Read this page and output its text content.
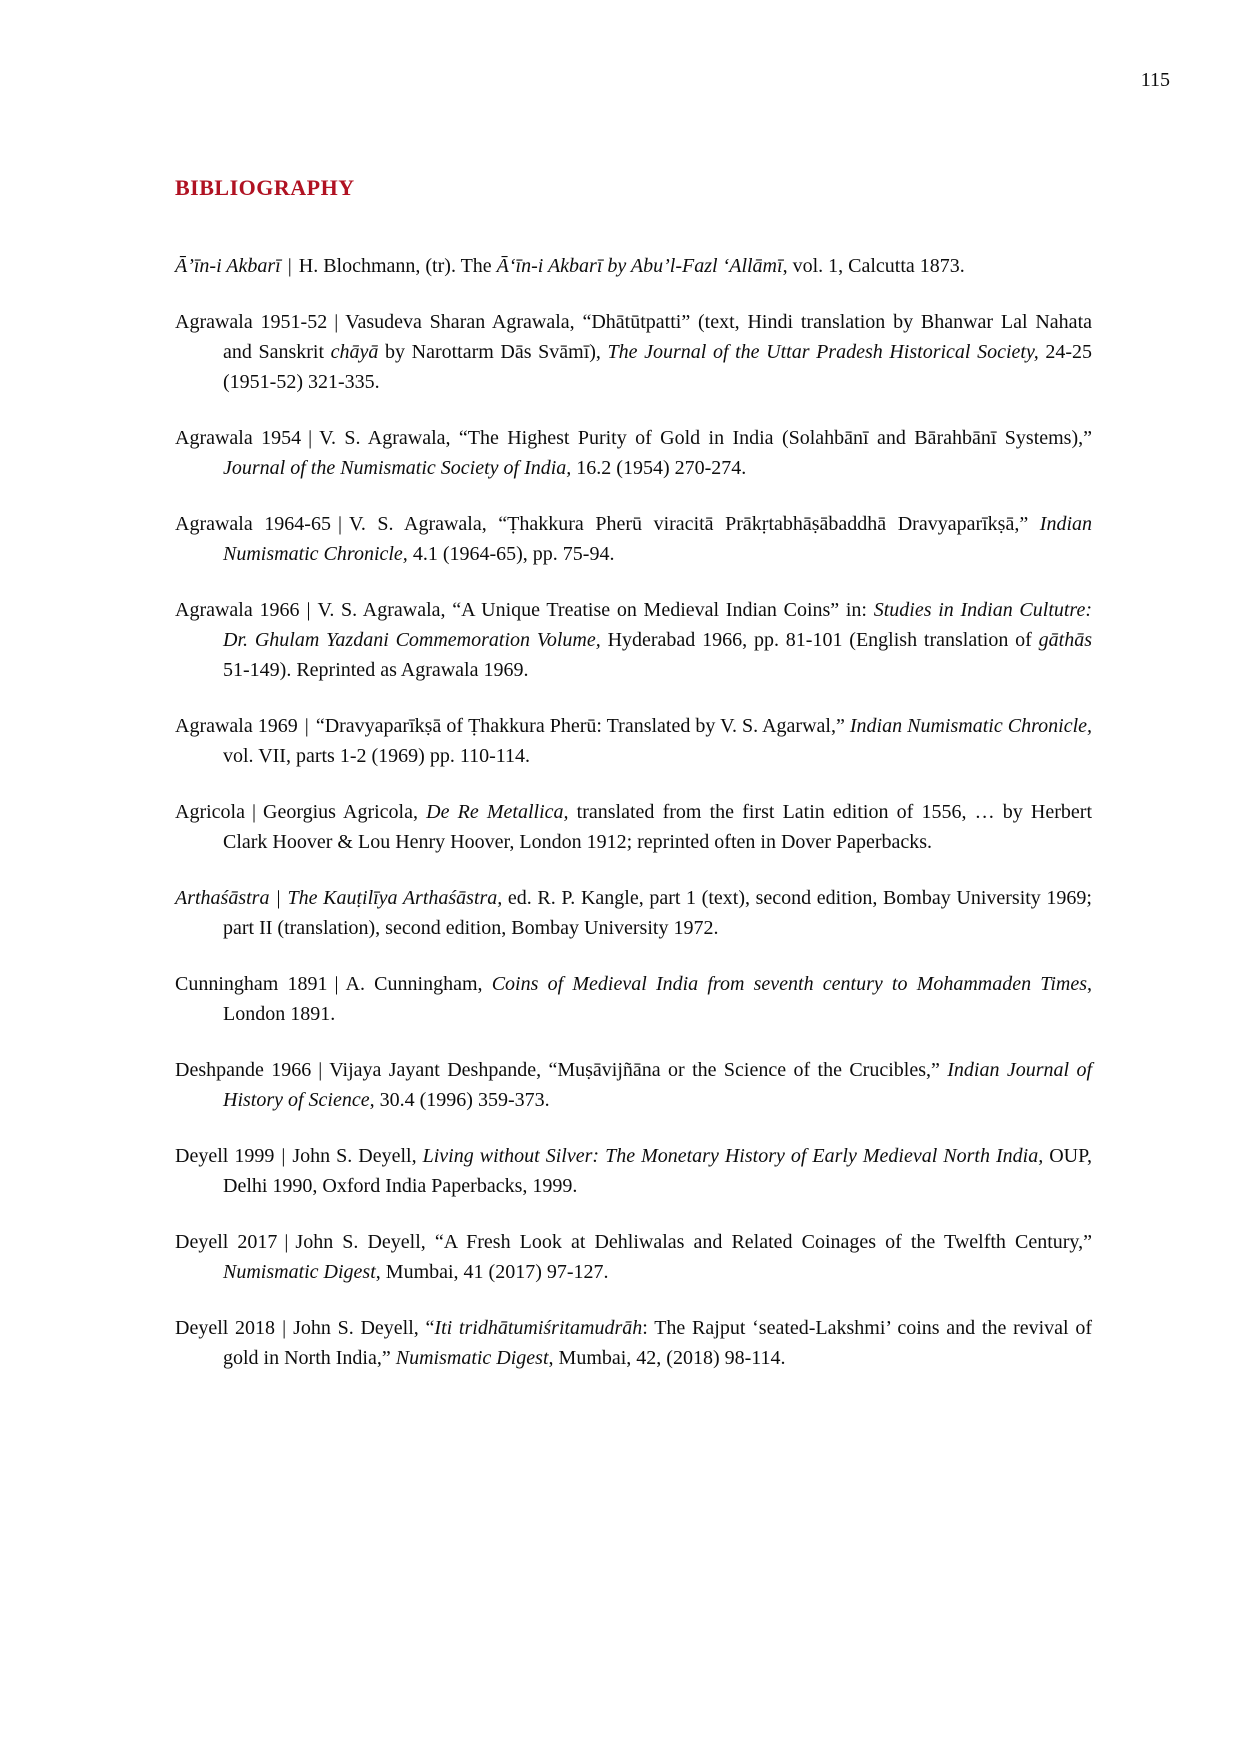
115
BIBLIOGRAPHY

Ā’īn-i Akbarī | H. Blochmann, (tr). The Ā‘īn-i Akbarī by Abu’l-Fazl ‘Allāmī, vol. 1, Calcutta 1873.

Agrawala 1951-52 | Vasudeva Sharan Agrawala, “Dhātūtpatti” (text, Hindi translation by Bhanwar Lal Nahata and Sanskrit chāyā by Narottarm Dās Svāmī), The Journal of the Uttar Pradesh Historical Society, 24-25 (1951-52) 321-335.

Agrawala 1954 | V. S. Agrawala, “The Highest Purity of Gold in India (Solahbānī and Bārahbānī Systems),” Journal of the Numismatic Society of India, 16.2 (1954) 270-274.

Agrawala 1964-65 | V. S. Agrawala, “Ṭhakkura Pherū viracitā Prākṛtabhāṣābaddhā Dravyaparīkṣā,” Indian Numismatic Chronicle, 4.1 (1964-65), pp. 75-94.

Agrawala 1966 | V. S. Agrawala, “A Unique Treatise on Medieval Indian Coins” in: Studies in Indian Cultutre: Dr. Ghulam Yazdani Commemoration Volume, Hyderabad 1966, pp. 81-101 (English translation of gāthās 51-149). Reprinted as Agrawala 1969.

Agrawala 1969 | “Dravyaparīkṣā of Ṭhakkura Pherū: Translated by V. S. Agarwal,” Indian Numismatic Chronicle, vol. VII, parts 1-2 (1969) pp. 110-114.

Agricola | Georgius Agricola, De Re Metallica, translated from the first Latin edition of 1556, … by Herbert Clark Hoover & Lou Henry Hoover, London 1912; reprinted often in Dover Paperbacks.

Arthaśāstra | The Kauṭilīya Arthaśāstra, ed. R. P. Kangle, part 1 (text), second edition, Bombay University 1969; part II (translation), second edition, Bombay University 1972.

Cunningham 1891 | A. Cunningham, Coins of Medieval India from seventh century to Mohammaden Times, London 1891.

Deshpande 1966 | Vijaya Jayant Deshpande, “Muṣāvijñāna or the Science of the Crucibles,” Indian Journal of History of Science, 30.4 (1996) 359-373.

Deyell 1999 | John S. Deyell, Living without Silver: The Monetary History of Early Medieval North India, OUP, Delhi 1990, Oxford India Paperbacks, 1999.

Deyell 2017 | John S. Deyell, “A Fresh Look at Dehliwalas and Related Coinages of the Twelfth Century,” Numismatic Digest, Mumbai, 41 (2017) 97-127.

Deyell 2018 | John S. Deyell, “Iti tridhātumiśritamudrāh: The Rajput ‘seated-Lakshmi’ coins and the revival of gold in North India,” Numismatic Digest, Mumbai, 42, (2018) 98-114.
